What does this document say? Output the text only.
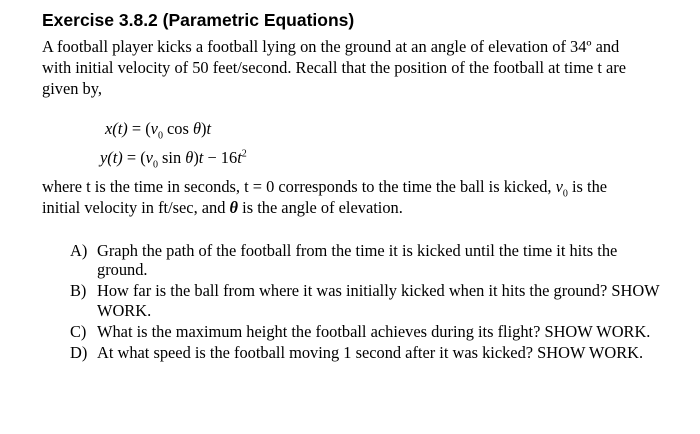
Exercise 3.8.2 (Parametric Equations)
A football player kicks a football lying on the ground at an angle of elevation of 34º and
with initial velocity of 50 feet/second. Recall that the position of the football at time t are
given by,
$x(t) = (v_0$ cos θ)t
$y(t) = (v_0$ $\sin \theta)t - 16t^2$
where t is the time in seconds, t = 0 corresponds to the time the ball is kicked, $v_0$ is the
initial velocity in ft/sec, and θ is the angle of elevation.
A) Graph the path of the football from the time it is kicked until the time it hits the ground.
B) How far is the ball from where it was initially kicked when it hits the ground? SHOW WORK.
C) What is the maximum height the football achieves during its flight? SHOW WORK.
D) At what speed is the football moving 1 second after it was kicked? SHOW WORK.
